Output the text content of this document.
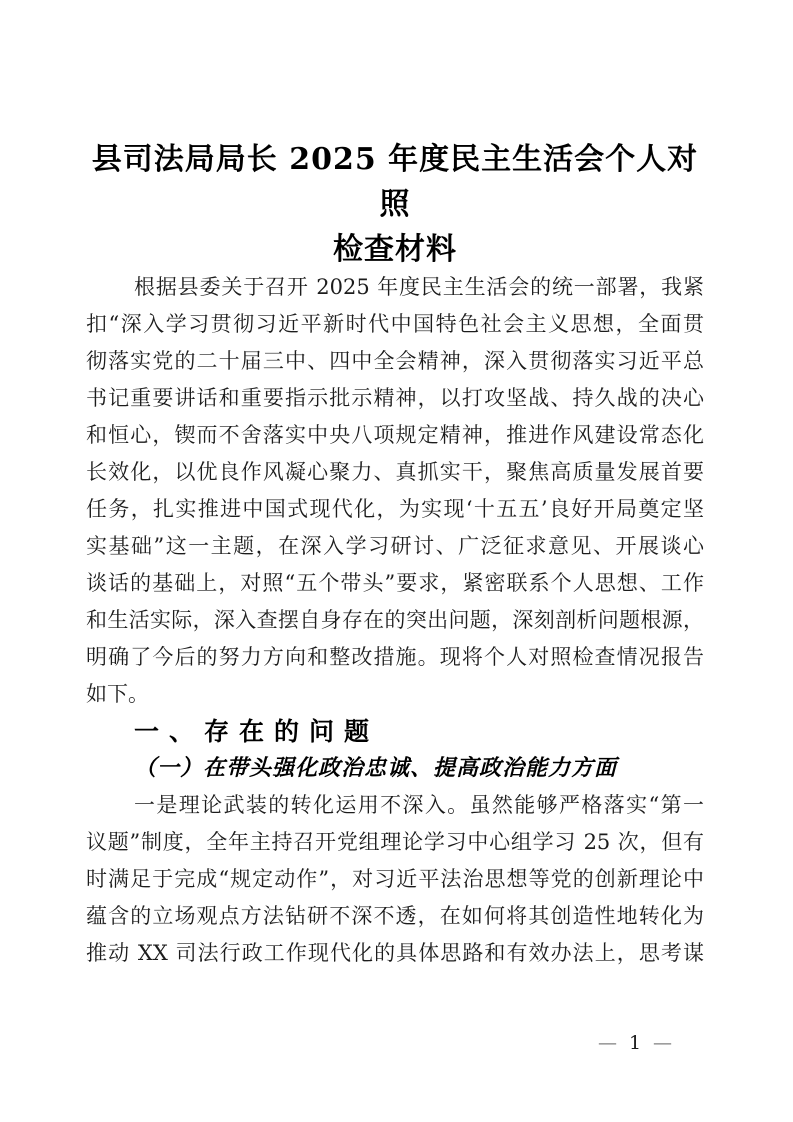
县司法局局长 2025 年度民主生活会个人对照
检查材料
根据县委关于召开 2025 年度民主生活会的统一部署，我紧
扣“深入学习贯彻习近平新时代中国特色社会主义思想，全面贯
彻落实党的二十届三中、四中全会精神，深入贯彻落实习近平总
书记重要讲话和重要指示批示精神，以打攻坚战、持久战的决心
和恒心，锲而不舍落实中央八项规定精神，推进作风建设常态化
长效化，以优良作风凝心聚力、真抓实干，聚焦高质量发展首要
任务，扎实推进中国式现代化，为实现‘十五五’良好开局奠定坚
实基础”这一主题，在深入学习研讨、广泛征求意见、开展谈心
谈话的基础上，对照“五个带头”要求，紧密联系个人思想、工作
和生活实际，深入查摆自身存在的突出问题，深刻剖析问题根源，
明确了今后的努力方向和整改措施。现将个人对照检查情况报告
如下。
一、存在的问题
（一）在带头强化政治忠诚、提高政治能力方面
一是理论武装的转化运用不深入。虽然能够严格落实“第一
议题”制度，全年主持召开党组理论学习中心组学习 25 次，但有
时满足于完成“规定动作”，对习近平法治思想等党的创新理论中
蕴含的立场观点方法钻研不深不透，在如何将其创造性地转化为
推动 XX 司法行政工作现代化的具体思路和有效办法上，思考谋
— 1 —
